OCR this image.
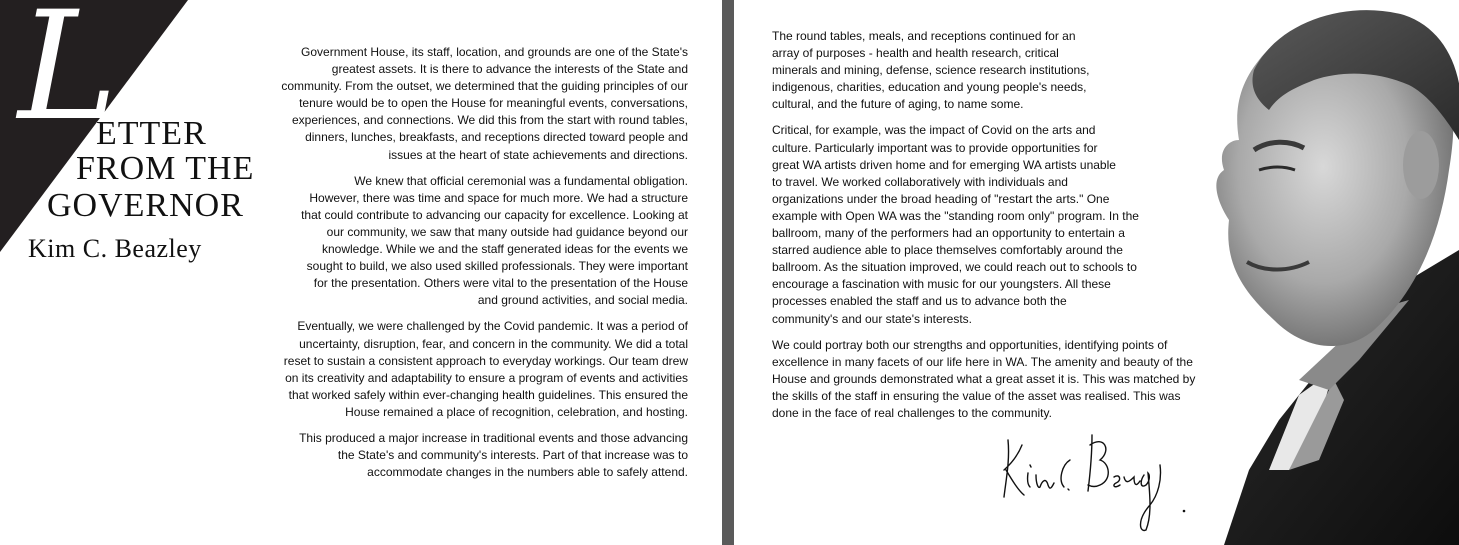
L
ETTER
FROM THE
GOVERNOR
Kim C. Beazley

Government House, its staff, location, and grounds are one of the State's
greatest assets. It is there to advance the interests of the State and
community. From the outset, we determined that the guiding principles of our
tenure would be to open the House for meaningful events, conversations,
experiences, and connections. We did this from the start with round tables,
dinners, lunches, breakfasts, and receptions directed toward people and
issues at the heart of state achievements and directions.

We knew that official ceremonial was a fundamental obligation.
However, there was time and space for much more. We had a structure
that could contribute to advancing our capacity for excellence. Looking at
our community, we saw that many outside had guidance beyond our
knowledge. While we and the staff generated ideas for the events we
sought to build, we also used skilled professionals. They were important
for the presentation. Others were vital to the presentation of the House
and ground activities, and social media.

Eventually, we were challenged by the Covid pandemic. It was a period of
uncertainty, disruption, fear, and concern in the community. We did a total
reset to sustain a consistent approach to everyday workings. Our team drew
on its creativity and adaptability to ensure a program of events and activities
that worked safely within ever-changing health guidelines. This ensured the
House remained a place of recognition, celebration, and hosting.

This produced a major increase in traditional events and those advancing
the State's and community's interests. Part of that increase was to
accommodate changes in the numbers able to safely attend.

The round tables, meals, and receptions continued for an
array of purposes - health and health research, critical
minerals and mining, defense, science research institutions,
indigenous, charities, education and young people's needs,
cultural, and the future of aging, to name some.

Critical, for example, was the impact of Covid on the arts and
culture. Particularly important was to provide opportunities for
great WA artists driven home and for emerging WA artists unable
to travel. We worked collaboratively with individuals and
organizations under the broad heading of "restart the arts." One
example with Open WA was the "standing room only" program. In the
ballroom, many of the performers had an opportunity to entertain a
starred audience able to place themselves comfortably around the
ballroom. As the situation improved, we could reach out to schools to
encourage a fascination with music for our youngsters. All these
processes enabled the staff and us to advance both the
community's and our state's interests.

We could portray both our strengths and opportunities, identifying points of
excellence in many facets of our life here in WA. The amenity and beauty of the
House and grounds demonstrated what a great asset it is. This was matched by
the skills of the staff in ensuring the value of the asset was realised. This was
done in the face of real challenges to the community.
